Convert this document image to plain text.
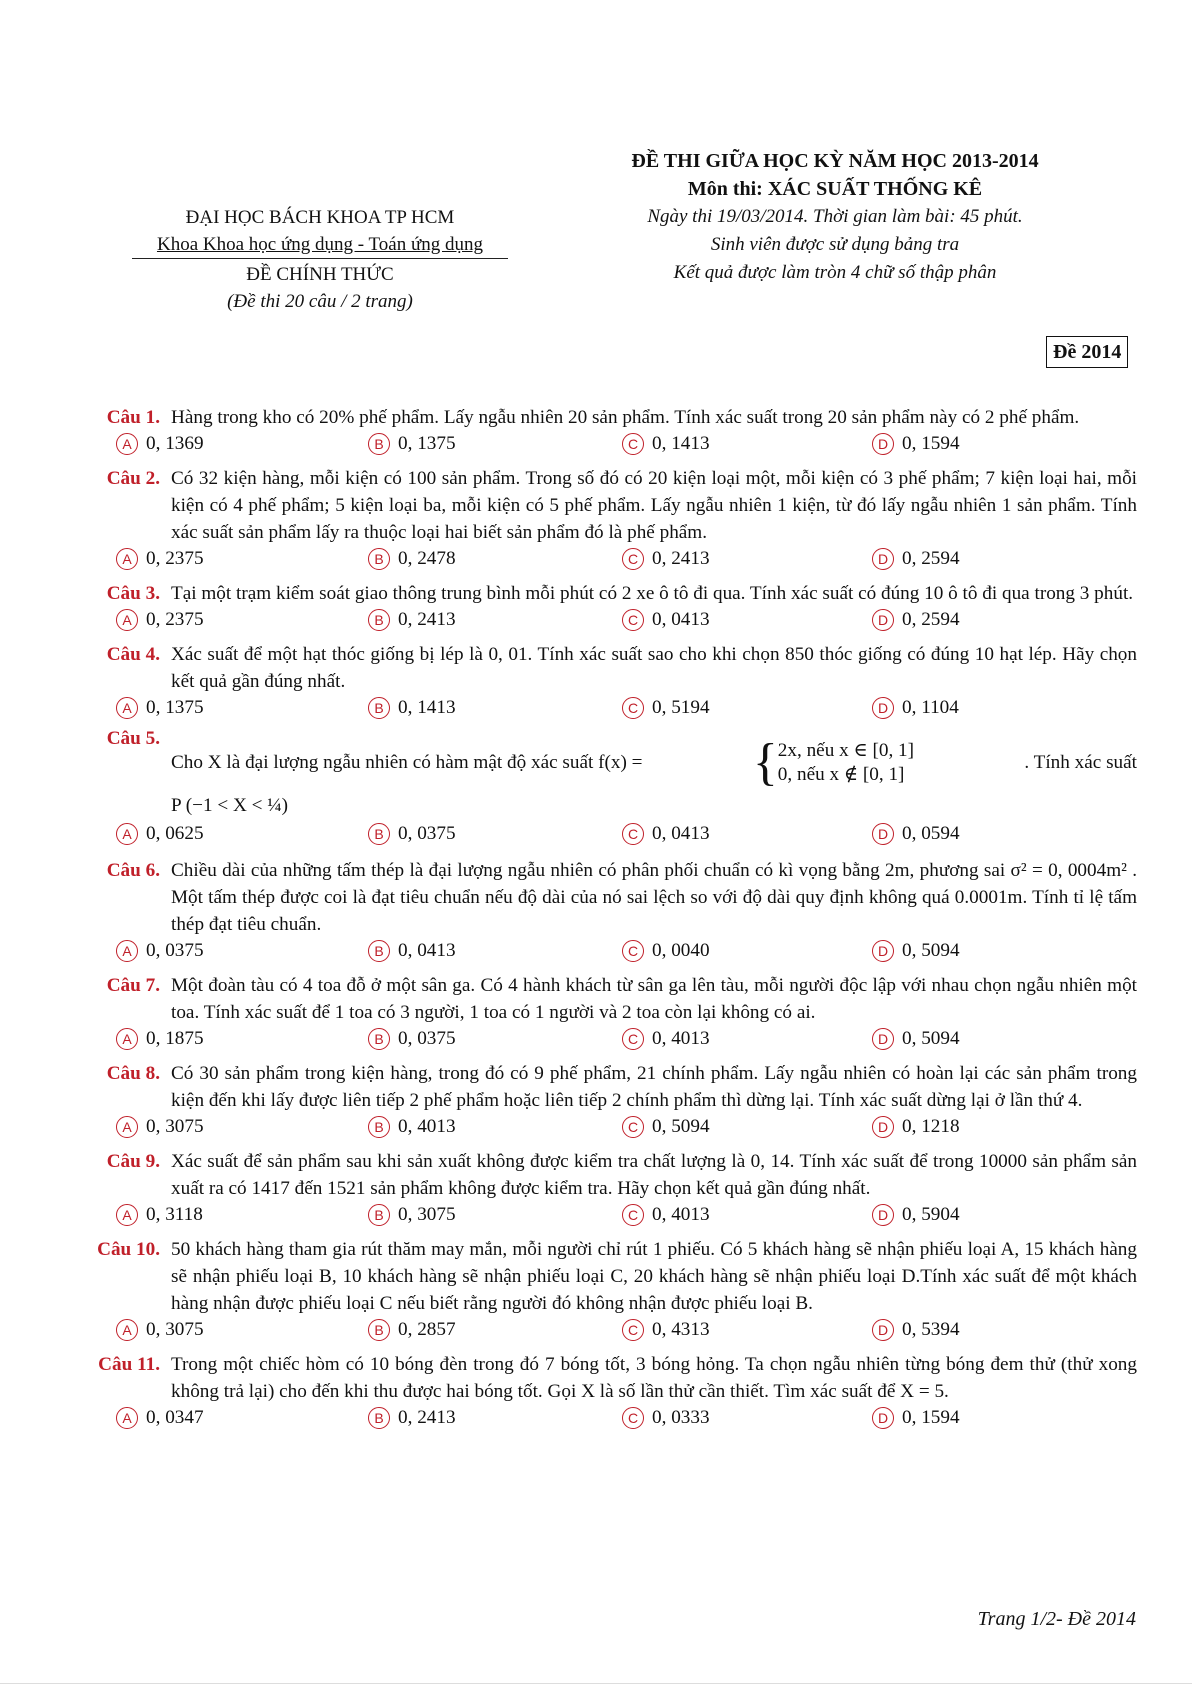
ĐẠI HỌC BÁCH KHOA TP HCM
Khoa Khoa học ứng dụng - Toán ứng dụng
ĐỀ CHÍNH THỨC
(Đề thi 20 câu / 2 trang)
ĐỀ THI GIỮA HỌC KỲ NĂM HỌC 2013-2014
Môn thi: XÁC SUẤT THỐNG KÊ
Ngày thi 19/03/2014. Thời gian làm bài: 45 phút.
Sinh viên được sử dụng bảng tra
Kết quả được làm tròn 4 chữ số thập phân
Đề 2014
Câu 1. Hàng trong kho có 20% phế phẩm. Lấy ngẫu nhiên 20 sản phẩm. Tính xác suất trong 20 sản phẩm này có 2 phế phẩm.
A 0, 1369	B 0, 1375	C 0, 1413	D 0, 1594
Câu 2. Có 32 kiện hàng, mỗi kiện có 100 sản phẩm. Trong số đó có 20 kiện loại một, mỗi kiện có 3 phế phẩm; 7 kiện loại hai, mỗi kiện có 4 phế phẩm; 5 kiện loại ba, mỗi kiện có 5 phế phẩm. Lấy ngẫu nhiên 1 kiện, từ đó lấy ngẫu nhiên 1 sản phẩm. Tính xác suất sản phẩm lấy ra thuộc loại hai biết sản phẩm đó là phế phẩm.
A 0, 2375	B 0, 2478	C 0, 2413	D 0, 2594
Câu 3. Tại một trạm kiểm soát giao thông trung bình mỗi phút có 2 xe ô tô đi qua. Tính xác suất có đúng 10 ô tô đi qua trong 3 phút.
A 0, 2375	B 0, 2413	C 0, 0413	D 0, 2594
Câu 4. Xác suất để một hạt thóc giống bị lép là 0, 01. Tính xác suất sao cho khi chọn 850 thóc giống có đúng 10 hạt lép. Hãy chọn kết quả gần đúng nhất.
A 0, 1375	B 0, 1413	C 0, 5194	D 0, 1104
Câu 5.
Cho X là đại lượng ngẫu nhiên có hàm mật độ xác suất f(x) = { 2x, nếu x ∈ [0, 1]
0, nếu x ∉ [0, 1]
. Tính xác suất
P (−1 < X < ¼)
A 0, 0625	B 0, 0375	C 0, 0413	D 0, 0594
Câu 6. Chiều dài của những tấm thép là đại lượng ngẫu nhiên có phân phối chuẩn có kì vọng bằng 2m, phương sai σ² = 0, 0004m² . Một tấm thép được coi là đạt tiêu chuẩn nếu độ dài của nó sai lệch so với độ dài quy định không quá 0.0001m. Tính tỉ lệ tấm thép đạt tiêu chuẩn.
A 0, 0375	B 0, 0413	C 0, 0040	D 0, 5094
Câu 7. Một đoàn tàu có 4 toa đỗ ở một sân ga. Có 4 hành khách từ sân ga lên tàu, mỗi người độc lập với nhau chọn ngẫu nhiên một toa. Tính xác suất để 1 toa có 3 người, 1 toa có 1 người và 2 toa còn lại không có ai.
A 0, 1875	B 0, 0375	C 0, 4013	D 0, 5094
Câu 8. Có 30 sản phẩm trong kiện hàng, trong đó có 9 phế phẩm, 21 chính phẩm. Lấy ngẫu nhiên có hoàn lại các sản phẩm trong kiện đến khi lấy được liên tiếp 2 phế phẩm hoặc liên tiếp 2 chính phẩm thì dừng lại. Tính xác suất dừng lại ở lần thứ 4.
A 0, 3075	B 0, 4013	C 0, 5094	D 0, 1218
Câu 9. Xác suất để sản phẩm sau khi sản xuất không được kiểm tra chất lượng là 0, 14. Tính xác suất để trong 10000 sản phẩm sản xuất ra có 1417 đến 1521 sản phẩm không được kiểm tra. Hãy chọn kết quả gần đúng nhất.
A 0, 3118	B 0, 3075	C 0, 4013	D 0, 5904
Câu 10. 50 khách hàng tham gia rút thăm may mắn, mỗi người chỉ rút 1 phiếu. Có 5 khách hàng sẽ nhận phiếu loại A, 15 khách hàng sẽ nhận phiếu loại B, 10 khách hàng sẽ nhận phiếu loại C, 20 khách hàng sẽ nhận phiếu loại D.Tính xác suất để một khách hàng nhận được phiếu loại C nếu biết rằng người đó không nhận được phiếu loại B.
A 0, 3075	B 0, 2857	C 0, 4313	D 0, 5394
Câu 11. Trong một chiếc hòm có 10 bóng đèn trong đó 7 bóng tốt, 3 bóng hỏng. Ta chọn ngẫu nhiên từng bóng đem thử (thử xong không trả lại) cho đến khi thu được hai bóng tốt. Gọi X là số lần thử cần thiết. Tìm xác suất để X = 5.
A 0, 0347	B 0, 2413	C 0, 0333	D 0, 1594
Trang 1/2- Đề 2014
